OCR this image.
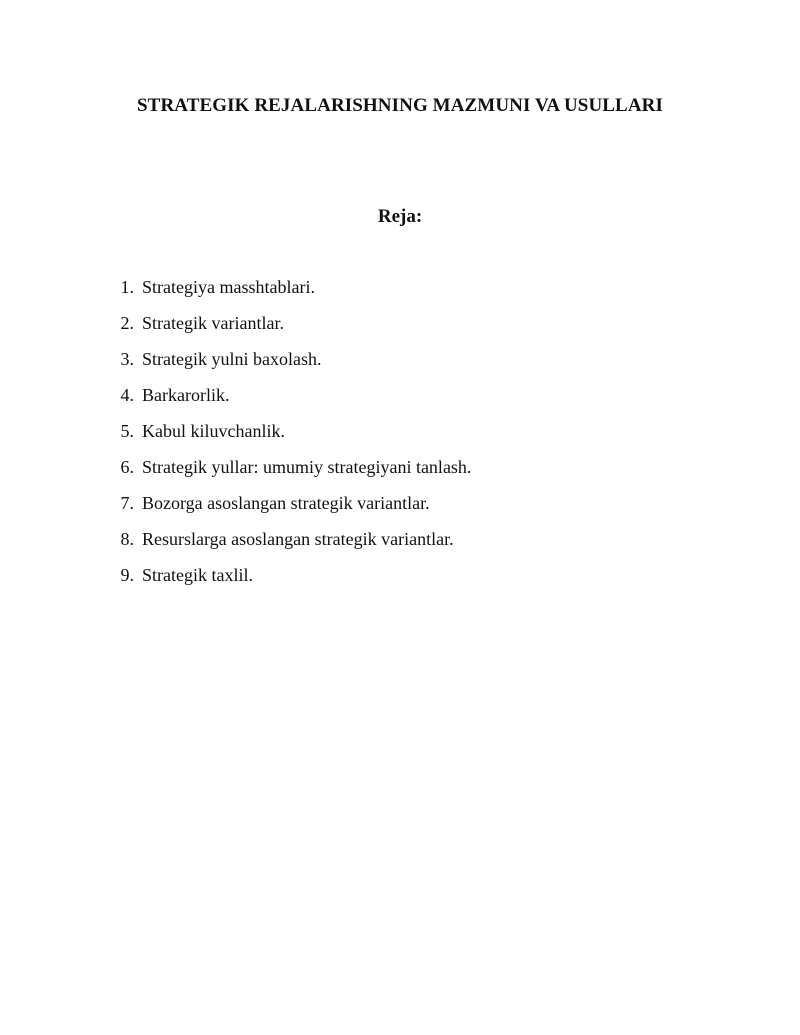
STRATEGIK REJALARISHNING MAZMUNI VA USULLARI
Reja:
1. Strategiya masshtablari.
2. Strategik variantlar.
3. Strategik yulni baxolash.
4. Barkarorlik.
5. Kabul kiluvchanlik.
6. Strategik yullar: umumiy strategiyani tanlash.
7. Bozorga asoslangan strategik variantlar.
8. Resurslarga asoslangan strategik variantlar.
9. Strategik taxlil.
